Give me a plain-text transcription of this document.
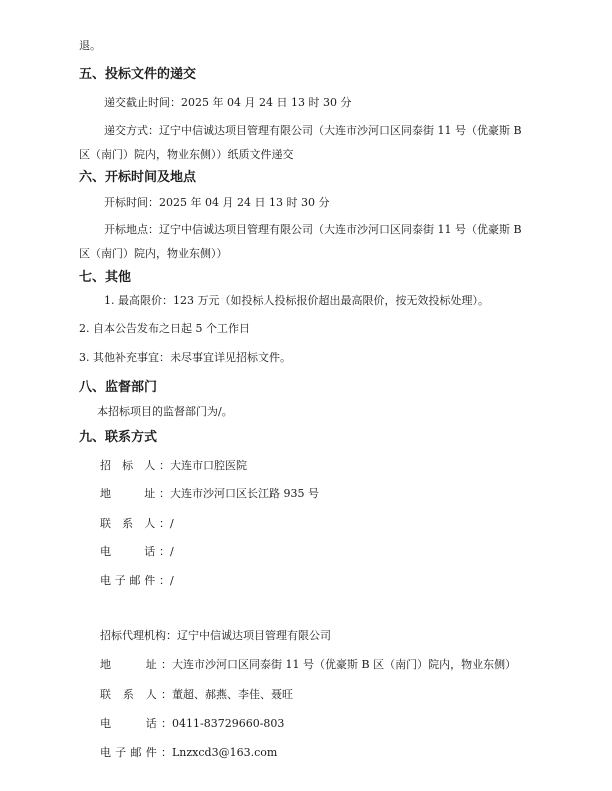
退。
五、投标文件的递交
递交截止时间：2025 年 04 月 24 日 13 时 30 分
递交方式：辽宁中信诚达项目管理有限公司（大连市沙河口区同泰街 11 号（优豪斯 B
区（南门）院内，物业东侧））纸质文件递交
六、开标时间及地点
开标时间：2025 年 04 月 24 日 13 时 30 分
开标地点：辽宁中信诚达项目管理有限公司（大连市沙河口区同泰街 11 号（优豪斯 B
区（南门）院内，物业东侧））
七、其他
1. 最高限价：123 万元（如投标人投标报价超出最高限价，按无效投标处理）。
2. 自本公告发布之日起 5 个工作日
3. 其他补充事宜：未尽事宜详见招标文件。
八、监督部门
本招标项目的监督部门为/。
九、联系方式
招 标 人：大连市口腔医院
地　　址：大连市沙河口区长江路 935 号
联 系 人：/
电　　话：/
电子邮件：/
招标代理机构：辽宁中信诚达项目管理有限公司
地　　址：大连市沙河口区同泰街 11 号（优豪斯 B 区（南门）院内，物业东侧）
联 系 人：董超、郝燕、李佳、聂旺
电　　话：0411-83729660-803
电子邮件：Lnzxcd3@163.com
